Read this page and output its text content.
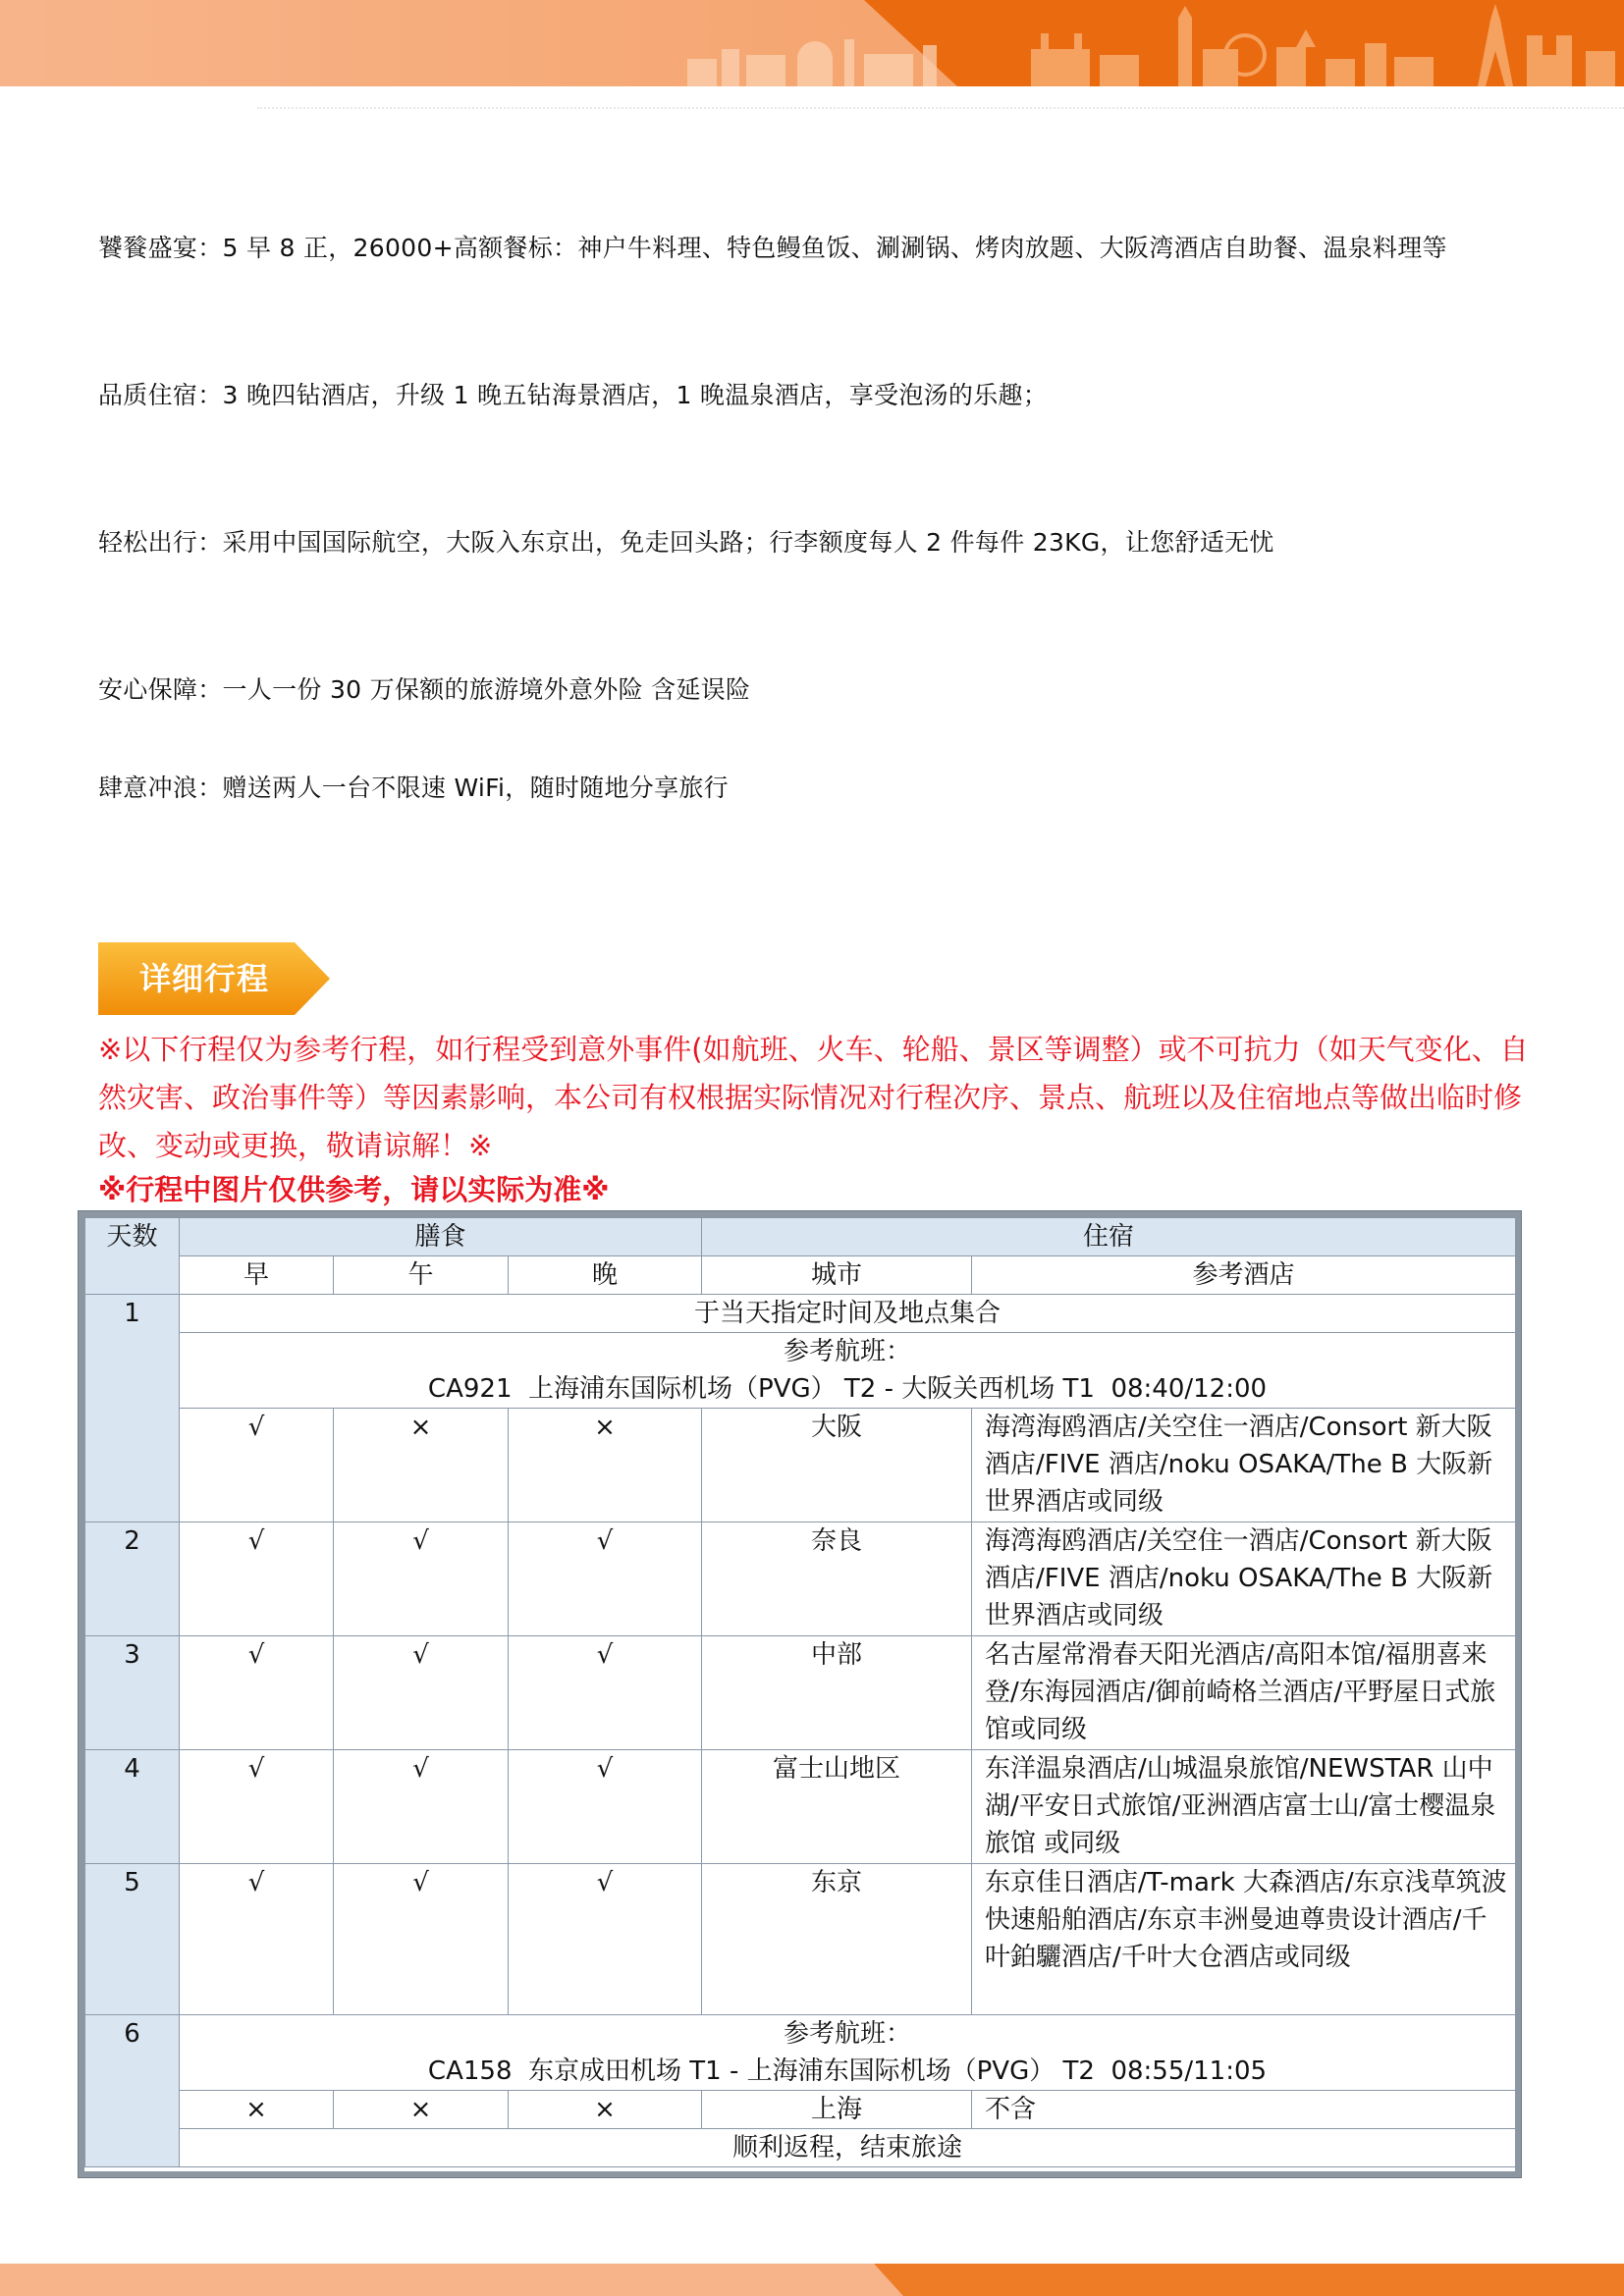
饕餮盛宴：5 早 8 正，26000+高额餐标：神户牛料理、特色鳗鱼饭、涮涮锅、烤肉放题、大阪湾酒店自助餐、温泉料理等
品质住宿：3 晚四钻酒店，升级 1 晚五钻海景酒店，1 晚温泉酒店，享受泡汤的乐趣；
轻松出行：采用中国国际航空，大阪入东京出，免走回头路；行李额度每人 2 件每件 23KG，让您舒适无忧
安心保障：一人一份 30 万保额的旅游境外意外险 含延误险
肆意冲浪：赠送两人一台不限速 WiFi，随时随地分享旅行
详细行程
※以下行程仅为参考行程，如行程受到意外事件(如航班、火车、轮船、景区等调整）或不可抗力（如天气变化、自然灾害、政治事件等）等因素影响，本公司有权根据实际情况对行程次序、景点、航班以及住宿地点等做出临时修改、变动或更换，敬请谅解！※
※行程中图片仅供参考，请以实际为准※
天数	膳食			住宿	
	早	午	晚	城市	参考酒店
1	于当天指定时间及地点集合				

	参考航班：
CA921  上海浦东国际机场（PVG） T2 - 大阪关西机场 T1  08:40/12:00				

	√	×	×	大阪	海湾海鸥酒店/关空住一酒店/Consort 新大阪酒店/FIVE 酒店/noku OSAKA/The B 大阪新世界酒店或同级
2	√	√	√	奈良	海湾海鸥酒店/关空住一酒店/Consort 新大阪酒店/FIVE 酒店/noku OSAKA/The B 大阪新世界酒店或同级
3	√	√	√	中部	名古屋常滑春天阳光酒店/高阳本馆/福朋喜来登/东海园酒店/御前崎格兰酒店/平野屋日式旅馆或同级
4	√	√	√	富士山地区	东洋温泉酒店/山城温泉旅馆/NEWSTAR 山中湖/平安日式旅馆/亚洲酒店富士山/富士樱温泉旅馆 或同级
5	√	√	√	东京	东京佳日酒店/T-mark 大森酒店/东京浅草筑波快速船舶酒店/东京丰洲曼迪尊贵设计酒店/千叶鉑驪酒店/千叶大仓酒店或同级
6	参考航班：
CA158  东京成田机场 T1 - 上海浦东国际机场（PVG） T2  08:55/11:05				

	×	×	×	上海	不含
	顺利返程，结束旅途				
